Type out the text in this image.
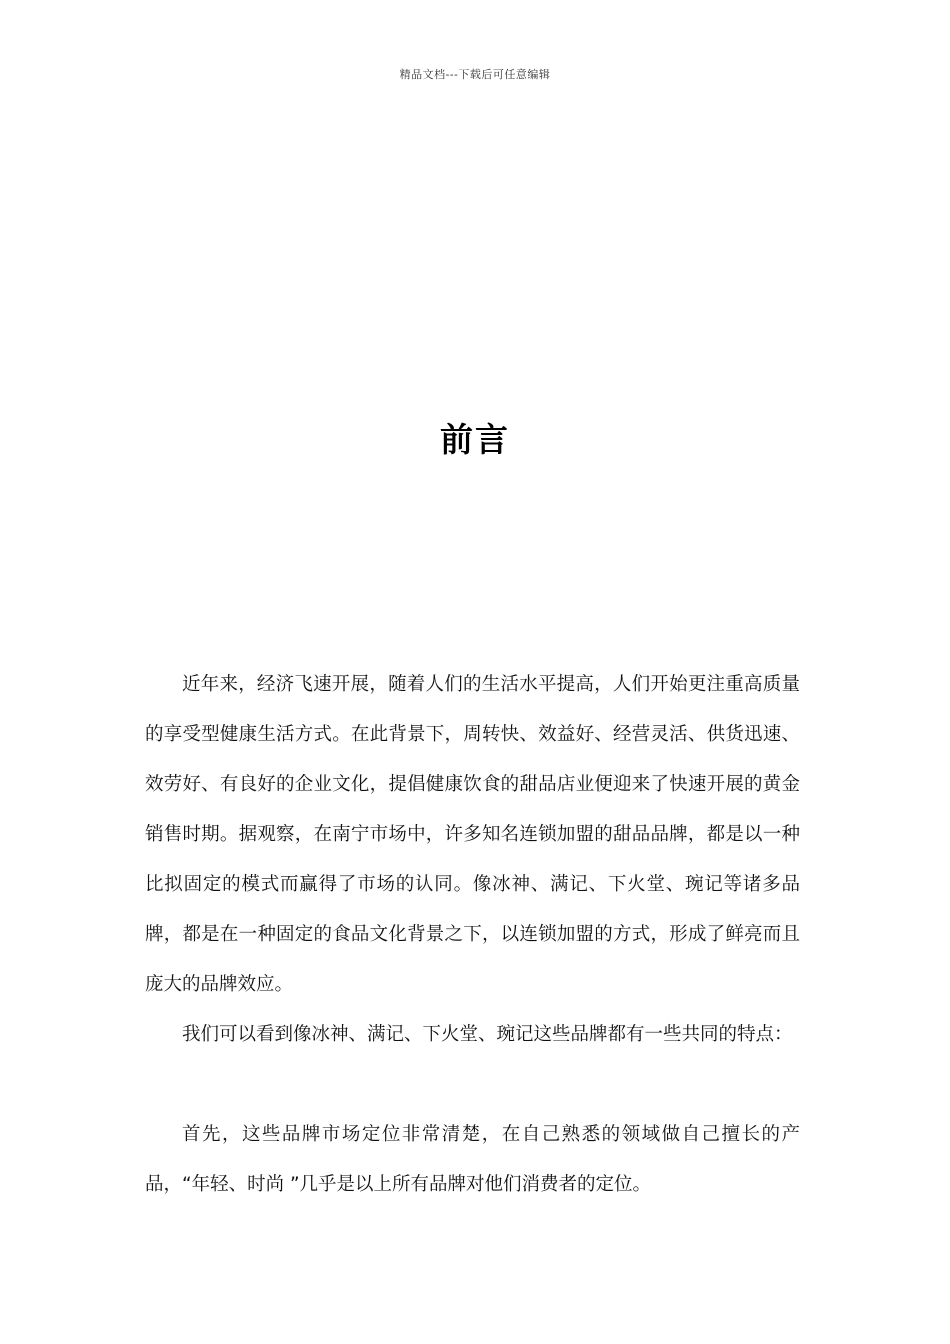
精品文档---下载后可任意编辑
前言

近年来，经济飞速开展，随着人们的生活水平提高，人们开始更注重高质量的享受型健康生活方式。在此背景下，周转快、效益好、经营灵活、供货迅速、效劳好、有良好的企业文化，提倡健康饮食的甜品店业便迎来了快速开展的黄金销售时期。据观察，在南宁市场中，许多知名连锁加盟的甜品品牌，都是以一种比拟固定的模式而赢得了市场的认同。像冰神、满记、下火堂、琬记等诸多品牌，都是在一种固定的食品文化背景之下，以连锁加盟的方式，形成了鲜亮而且庞大的品牌效应。

我们可以看到像冰神、满记、下火堂、琬记这些品牌都有一些共同的特点：

首先，这些品牌市场定位非常清楚，在自己熟悉的领域做自己擅长的产品，“年轻、时尚 ”几乎是以上所有品牌对他们消费者的定位。
